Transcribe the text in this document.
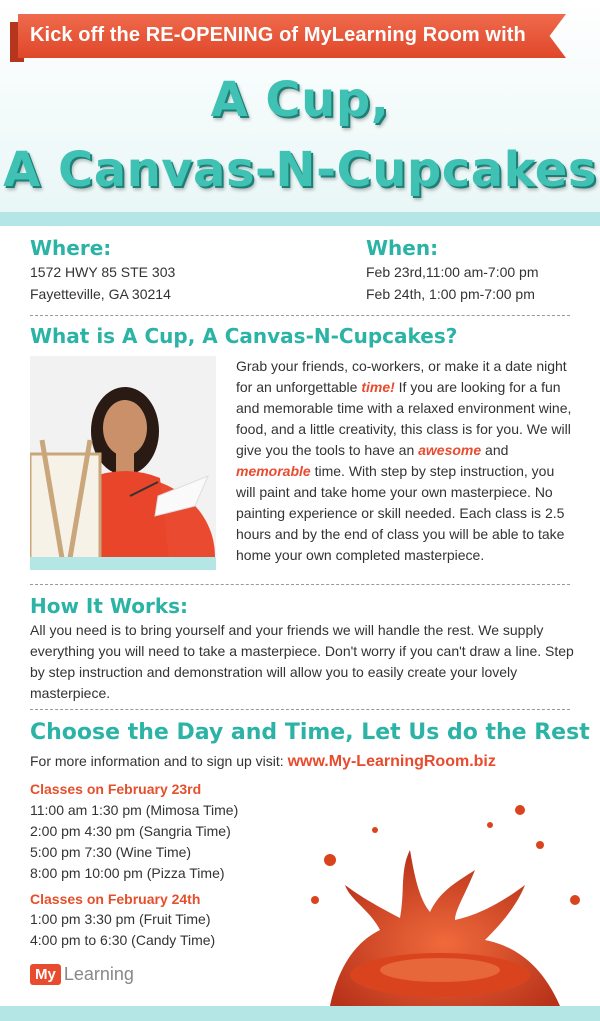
Kick off the RE-OPENING of MyLearning Room with
A Cup,
A Canvas-N-Cupcakes
Where:
1572 HWY 85 STE 303
Fayetteville, GA 30214
When:
Feb 23rd,11:00 am-7:00 pm
Feb 24th, 1:00 pm-7:00 pm
What is A Cup, A Canvas-N-Cupcakes?
Grab your friends, co-workers, or make it a date night for an unforgettable time! If you are looking for a fun and memorable time with a relaxed environment wine, food, and a little creativity, this class is for you. We will give you the tools to have an awesome and memorable time. With step by step instruction, you will paint and take home your own masterpiece. No painting experience or skill needed. Each class is 2.5 hours and by the end of class you will be able to take home your own completed masterpiece.
How It Works:
All you need is to bring yourself and your friends we will handle the rest. We supply everything you will need to take a masterpiece. Don't worry if you can't draw a line. Step by step instruction and demonstration will allow you to easily create your lovely masterpiece.
Choose the Day and Time, Let Us do the Rest
For more information and to sign up visit: www.My-LearningRoom.biz
Classes on February 23rd
11:00 am 1:30 pm (Mimosa Time)
2:00 pm 4:30 pm (Sangria Time)
5:00 pm 7:30 (Wine Time)
8:00 pm 10:00 pm (Pizza Time)
Classes on February 24th
1:00 pm 3:30 pm (Fruit Time)
4:00 pm to 6:30 (Candy Time)
My Learning
